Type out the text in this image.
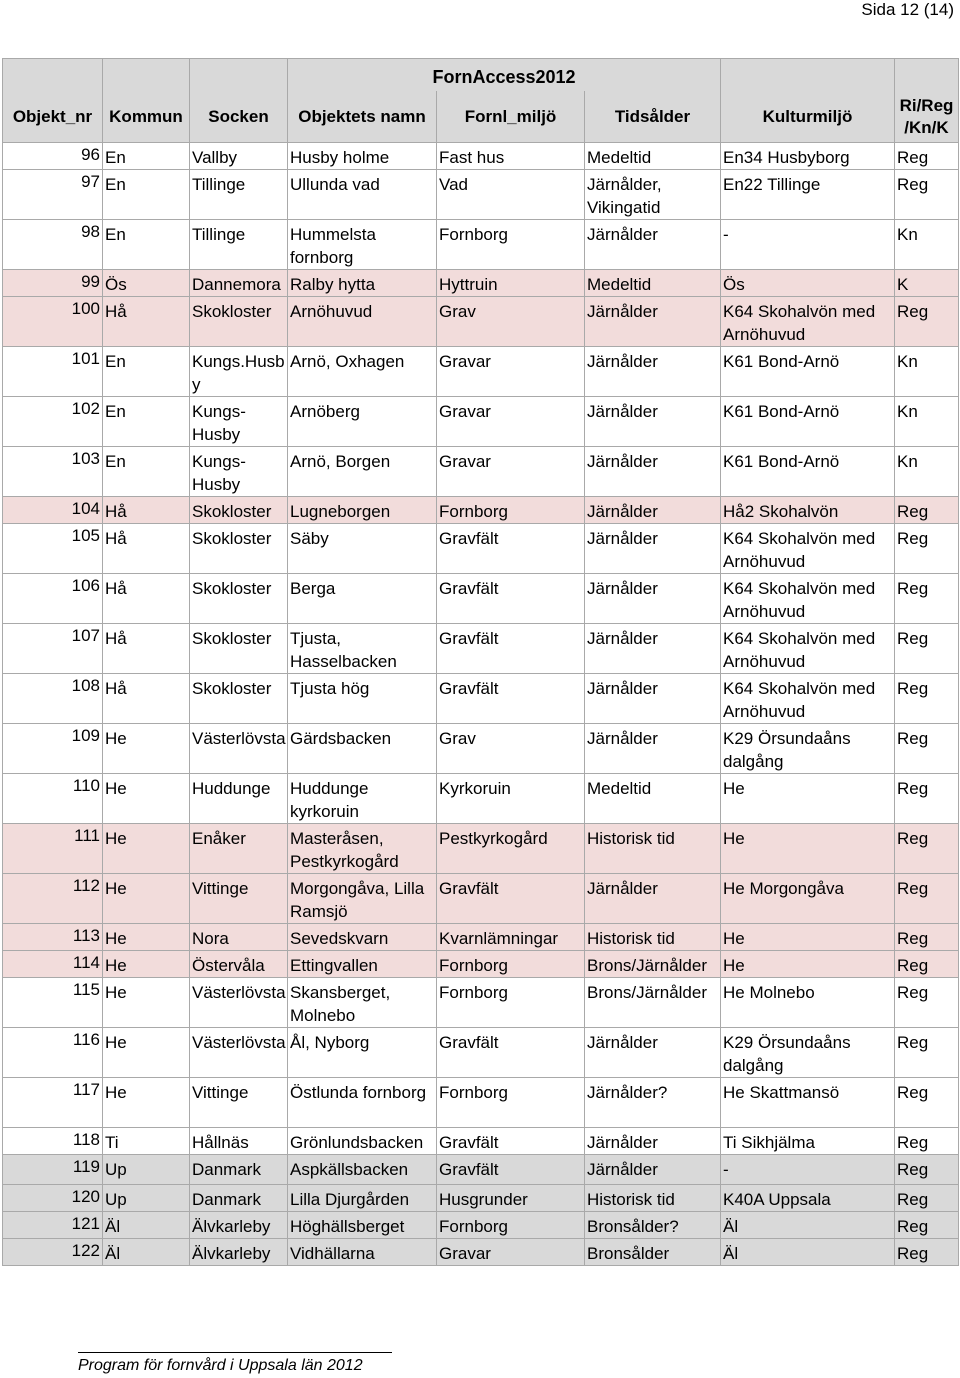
Sida 12 (14)
			FornAccess2012				
Objekt_nr	Kommun	Socken	Objektets namn	Fornl_miljö	Tidsålder	Kulturmiljö	Ri/Reg /Kn/K
96	En	Vallby	Husby holme	Fast hus	Medeltid	En34 Husbyborg	Reg
97	En	Tillinge	Ullunda vad	Vad	Järnålder, Vikingatid	En22 Tillinge	Reg
98	En	Tillinge	Hummelsta fornborg	Fornborg	Järnålder	-	Kn
99	Ös	Dannemora	Ralby hytta	Hyttruin	Medeltid	Ös	K
100	Hå	Skokloster	Arnöhuvud	Grav	Järnålder	K64 Skohalvön med Arnöhuvud	Reg
101	En	Kungs.Husby	Arnö, Oxhagen	Gravar	Järnålder	K61 Bond-Arnö	Kn
102	En	Kungs-Husby	Arnöberg	Gravar	Järnålder	K61 Bond-Arnö	Kn
103	En	Kungs-Husby	Arnö, Borgen	Gravar	Järnålder	K61 Bond-Arnö	Kn
104	Hå	Skokloster	Lugneborgen	Fornborg	Järnålder	Hå2 Skohalvön	Reg
105	Hå	Skokloster	Säby	Gravfält	Järnålder	K64 Skohalvön med Arnöhuvud	Reg
106	Hå	Skokloster	Berga	Gravfält	Järnålder	K64 Skohalvön med Arnöhuvud	Reg
107	Hå	Skokloster	Tjusta, Hasselbacken	Gravfält	Järnålder	K64 Skohalvön med Arnöhuvud	Reg
108	Hå	Skokloster	Tjusta hög	Gravfält	Järnålder	K64 Skohalvön med Arnöhuvud	Reg
109	He	Västerlövsta	Gärdsbacken	Grav	Järnålder	K29 Örsundaåns dalgång	Reg
110	He	Huddunge	Huddunge kyrkoruin	Kyrkoruin	Medeltid	He	Reg
111	He	Enåker	Masteråsen, Pestkyrkogård	Pestkyrkogård	Historisk tid	He	Reg
112	He	Vittinge	Morgongåva, Lilla Ramsjö	Gravfält	Järnålder	He Morgongåva	Reg
113	He	Nora	Sevedskvarn	Kvarnlämningar	Historisk tid	He	Reg
114	He	Östervåla	Ettingvallen	Fornborg	Brons/Järnålder	He	Reg
115	He	Västerlövsta	Skansberget, Molnebo	Fornborg	Brons/Järnålder	He Molnebo	Reg
116	He	Västerlövsta	Ål, Nyborg	Gravfält	Järnålder	K29 Örsundaåns dalgång	Reg
117	He	Vittinge	Östlunda fornborg	Fornborg	Järnålder?	He Skattmansö	Reg
118	Ti	Hållnäs	Grönlundsbacken	Gravfält	Järnålder	Ti Sikhjälma	Reg
119	Up	Danmark	Aspkällsbacken	Gravfält	Järnålder	-	Reg
120	Up	Danmark	Lilla Djurgården	Husgrunder	Historisk tid	K40A Uppsala	Reg
121	Äl	Älvkarleby	Höghällsberget	Fornborg	Bronsålder?	Äl	Reg
122	Äl	Älvkarleby	Vidhällarna	Gravar	Bronsålder	Äl	Reg
Program för fornvård i Uppsala län 2012
